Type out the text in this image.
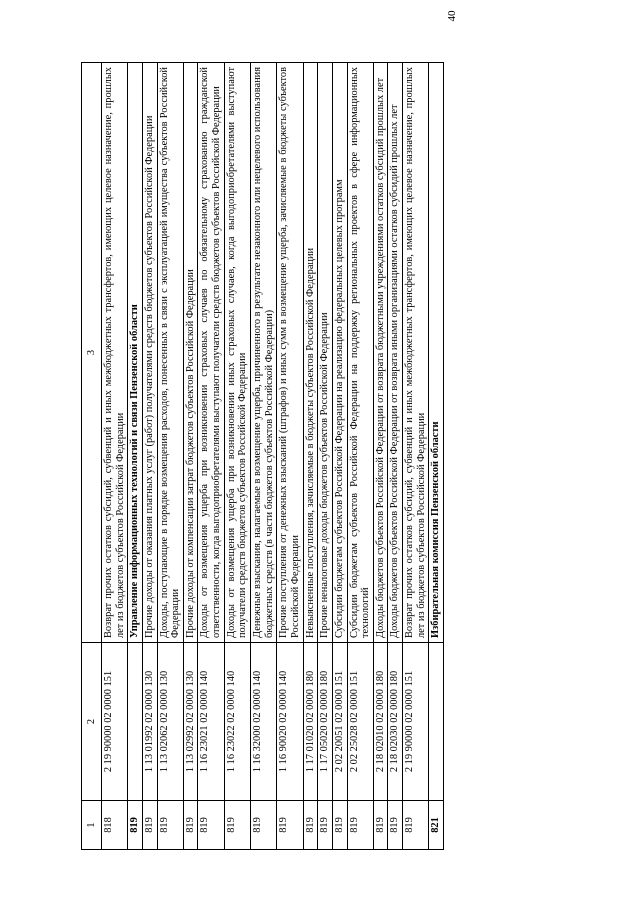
40
1	2	3
818	2 19 90000 02 0000 151	Возврат прочих остатков субсидий, субвенций и иных межбюджетных трансфертов, имеющих целевое назначение, прошлых лет из бюджетов субъектов Российской Федерации
819		Управление информационных технологий и связи Пензенской области
819	1 13 01992 02 0000 130	Прочие доходы от оказания платных услуг (работ) получателями средств бюджетов субъектов Российской Федерации
819	1 13 02062 02 0000 130	Доходы, поступающие в порядке возмещения расходов, понесенных в связи с эксплуатацией имущества субъектов Российской Федерации
819	1 13 02992 02 0000 130	Прочие доходы от компенсации затрат бюджетов субъектов Российской Федерации
819	1 16 23021 02 0000 140	Доходы от возмещения ущерба при возникновении страховых случаев по обязательному страхованию гражданской ответственности, когда выгодоприобретателями выступают получатели средств бюджетов субъектов Российской Федерации
819	1 16 23022 02 0000 140	Доходы от возмещения ущерба при возникновении иных страховых случаев, когда выгодоприобретателями выступают получатели средств бюджетов субъектов Российской Федерации
819	1 16 32000 02 0000 140	Денежные взыскания, налагаемые в возмещение ущерба, причиненного в результате незаконного или нецелевого использования бюджетных средств (в части бюджетов субъектов Российской Федерации)
819	1 16 90020 02 0000 140	Прочие поступления от денежных взысканий (штрафов) и иных сумм в возмещение ущерба, зачисляемые в бюджеты субъектов Российской Федерации
819	1 17 01020 02 0000 180	Невыясненные поступления, зачисляемые в бюджеты субъектов Российской Федерации
819	1 17 05020 02 0000 180	Прочие неналоговые доходы бюджетов субъектов Российской Федерации
819	2 02 20051 02 0000 151	Субсидии бюджетам субъектов Российской Федерации на реализацию федеральных целевых программ
819	2 02 25028 02 0000 151	Субсидии бюджетам субъектов Российской Федерации на поддержку региональных проектов в сфере информационных технологий
819	2 18 02010 02 0000 180	Доходы бюджетов субъектов Российской Федерации от возврата бюджетными учреждениями остатков субсидий прошлых лет
819	2 18 02030 02 0000 180	Доходы бюджетов субъектов Российской Федерации от возврата иными организациями остатков субсидий прошлых лет
819	2 19 90000 02 0000 151	Возврат прочих остатков субсидий, субвенций и иных межбюджетных трансфертов, имеющих целевое назначение, прошлых лет из бюджетов субъектов Российской Федерации
821		Избирательная комиссия Пензенской области
